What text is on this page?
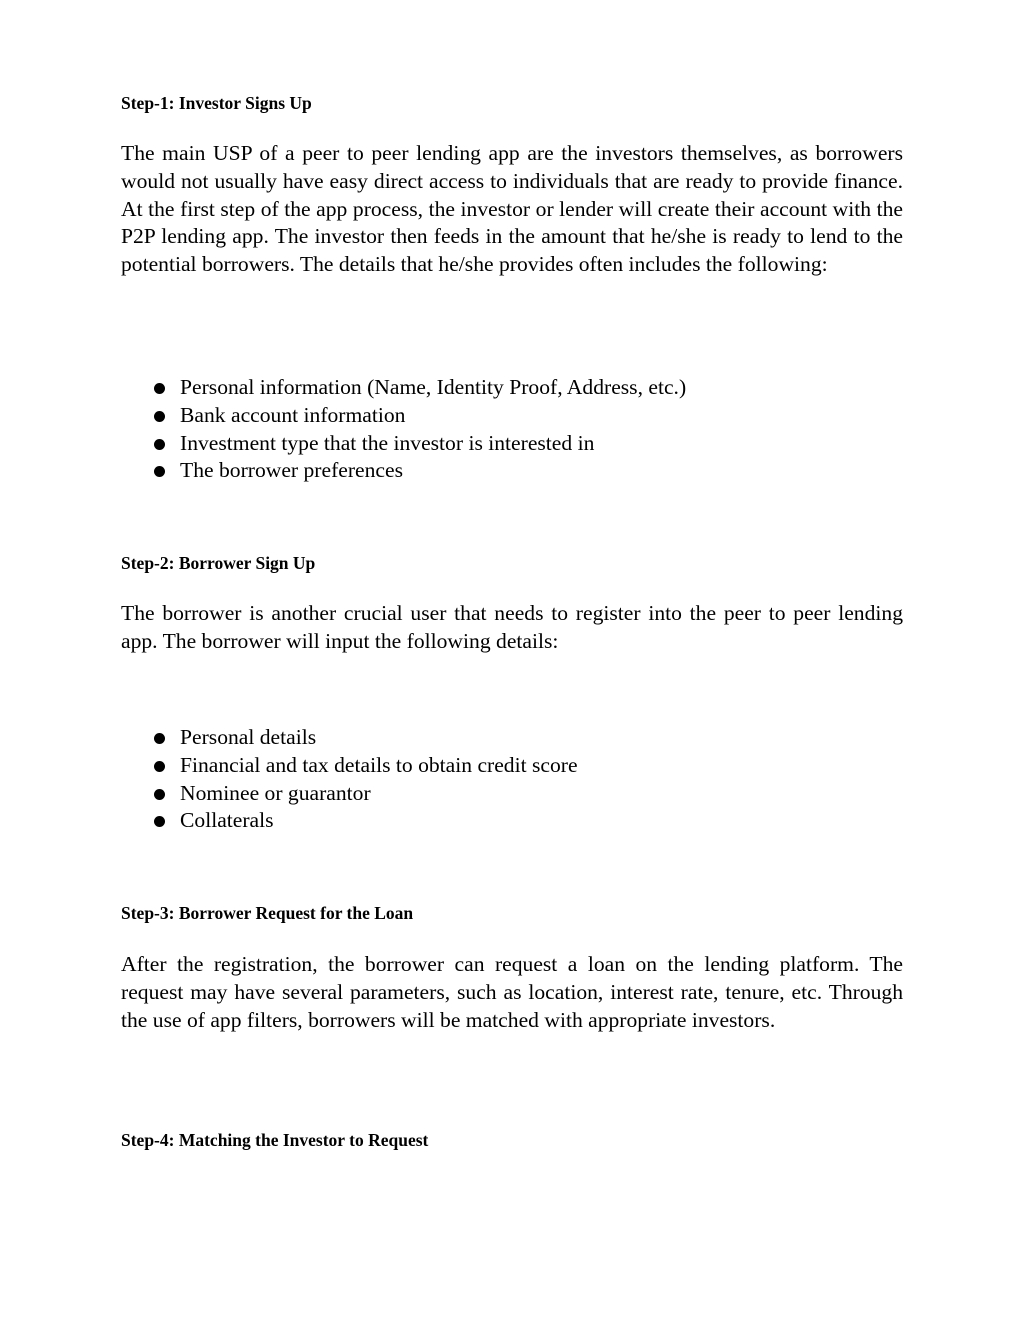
Step-1: Investor Signs Up

The main USP of a peer to peer lending app are the investors themselves, as borrowers would not usually have easy direct access to individuals that are ready to provide finance. At the first step of the app process, the investor or lender will create their account with the P2P lending app. The investor then feeds in the amount that he/she is ready to lend to the potential borrowers. The details that he/she provides often includes the following:

Personal information (Name, Identity Proof, Address, etc.)
Bank account information
Investment type that the investor is interested in
The borrower preferences
Step-2: Borrower Sign Up

The borrower is another crucial user that needs to register into the peer to peer lending app. The borrower will input the following details:

Personal details
Financial and tax details to obtain credit score
Nominee or guarantor
Collaterals
Step-3: Borrower Request for the Loan

After the registration, the borrower can request a loan on the lending platform. The request may have several parameters, such as location, interest rate, tenure, etc. Through the use of app filters, borrowers will be matched with appropriate investors.

Step-4: Matching the Investor to Request
